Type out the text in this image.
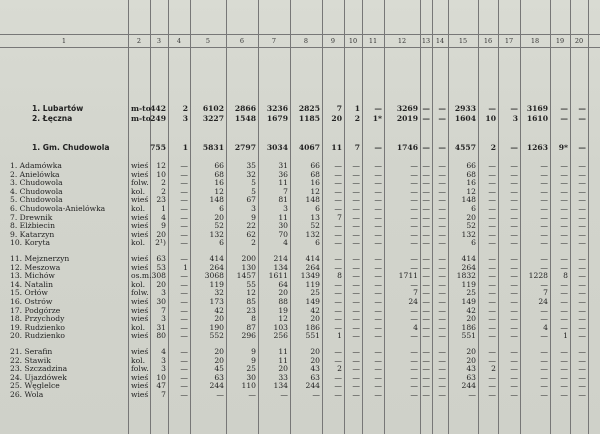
1	2	3	4	5	6	7	8	9	10	11	12	13 14	15	16	17	18	19	20
1. Lubartów	m-to 442	2	6102	2866	3236	2825	7	1	—	3269 —	—	2933	—	—	3169	—	—
2. Łęczna	m-to 249	3	3227	1548	1679	1185	20	2	1*	2019 —	—	1604	10	3	1610	—	—
1. Gm. Chudowola	755	1	5831	2797	3034	4067	11	7	—	1746 —	—	4557	2	—	1263	9*	—
1. Adamówka	wieś	12	—	66	35	31	66	—	—	—	— —	—	66	—	—	—	—	—
2. Anielówka	wieś	10	—	68	32	36	68	—	—	—	— —	—	68	—	—	—	—	—
3. Chudowola	folw.	2	—	16	5	11	16	—	—	—	— —	—	16	—	—	—	—	—
4. Chudowola	kol.	2	—	12	5	7	12	—	—	—	— —	—	12	—	—	—	—	—
5. Chudowola	wieś	23	—	148	67	81	148	—	—	—	— —	—	148	—	—	—	—	—
6. Chudowola-Anielówka	kol.	1	—	6	3	3	6	—	—	—	— —	—	6	—	—	—	—	—
7. Drewnik	wieś	4	—	20	9	11	13	7	—	—	— —	—	20	—	—	—	—	—
8. Elżbiecin	wieś	9	—	52	22	30	52	—	—	—	— —	—	52	—	—	—	—	—
9. Katarzyn	wieś	20	—	132	62	70	132	—	—	—	— —	—	132	—	—	—	—	—
10. Koryta	kol.	2¹)	—	6	2	4	6	—	—	—	— —	—	6	—	—	—	—	—
11. Mejznerzyn	wieś	63	—	414	200	214	414	—	—	—	— —	—	414	—	—	—	—	—
12. Meszowa	wieś	53	1	264	130	134	264	—	—	—	— —	—	264	—	—	—	—	—
13. Michów	os.m. 308	—	3068	1457	1611	1349	8	—	—	1711 —	—	1832	—	—	1228	8	—
14. Natalin	kol.	20	—	119	55	64	119	—	—	—	— —	—	119	—	—	—	—	—
15. Orłów	folw.	3	—	32	12	20	25	—	—	—	7 —	—	25	—	—	7	—	—
16. Ostrów	wieś	30	—	173	85	88	149	—	—	—	24 —	—	149	—	—	24	—	—
17. Podgórze	wieś	7	—	42	23	19	42	—	—	—	— —	—	42	—	—	—	—	—
18. Przychody	wieś	3	—	20	8	12	20	—	—	—	— —	—	20	—	—	—	—	—
19. Rudzienko	kol.	31	—	190	87	103	186	—	—	—	4 —	—	186	—	—	4	—	—
20. Rudzienko	wieś	80	—	552	296	256	551	1	—	—	— —	—	551	—	—	—	1	—
21. Serafin	wieś	4	—	20	9	11	20	—	—	—	— —	—	20	—	—	—	—	—
22. Stawik	kol.	3	—	20	9	11	20	—	—	—	— —	—	20	—	—	—	—	—
23. Szczadzina	folw.	3	—	45	25	20	43	2	—	—	— —	—	43	2	—	—	—	—
24. Ujazdówek	wieś	10	—	63	30	33	63	—	—	—	— —	—	63	—	—	—	—	—
25. Węglelce	wieś	47	—	244	110	134	244	—	—	—	— —	—	244	—	—	—	—	—
26. Wola	wieś	7	—	—	—	—	—	—	—	—	— —	—	—	—	—	—	—	—
